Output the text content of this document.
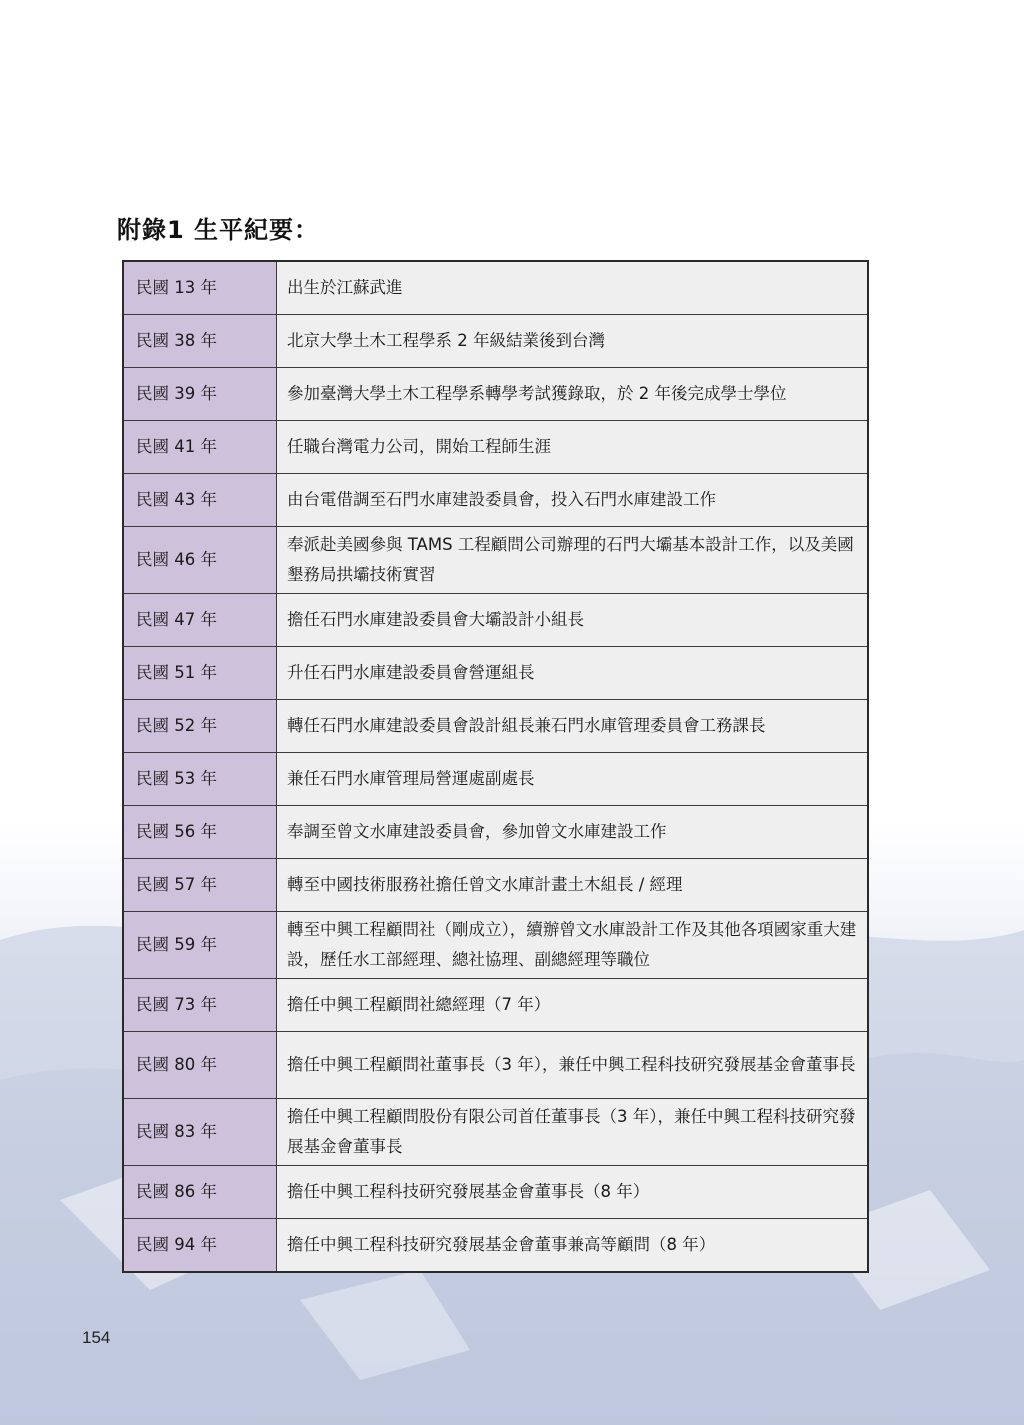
附錄1 生平紀要：
民國 13 年	出生於江蘇武進
民國 38 年	北京大學土木工程學系 2 年級結業後到台灣
民國 39 年	參加臺灣大學土木工程學系轉學考試獲錄取，於 2 年後完成學士學位
民國 41 年	任職台灣電力公司，開始工程師生涯
民國 43 年	由台電借調至石門水庫建設委員會，投入石門水庫建設工作
民國 46 年	奉派赴美國參與 TAMS 工程顧問公司辦理的石門大壩基本設計工作，以及美國墾務局拱壩技術實習
民國 47 年	擔任石門水庫建設委員會大壩設計小組長
民國 51 年	升任石門水庫建設委員會營運組長
民國 52 年	轉任石門水庫建設委員會設計組長兼石門水庫管理委員會工務課長
民國 53 年	兼任石門水庫管理局營運處副處長
民國 56 年	奉調至曾文水庫建設委員會，參加曾文水庫建設工作
民國 57 年	轉至中國技術服務社擔任曾文水庫計畫土木組長 / 經理
民國 59 年	轉至中興工程顧問社（剛成立），續辦曾文水庫設計工作及其他各項國家重大建設，歷任水工部經理、總社協理、副總經理等職位
民國 73 年	擔任中興工程顧問社總經理（7 年）
民國 80 年	擔任中興工程顧問社董事長（3 年），兼任中興工程科技研究發展基金會董事長
民國 83 年	擔任中興工程顧問股份有限公司首任董事長（3 年），兼任中興工程科技研究發展基金會董事長
民國 86 年	擔任中興工程科技研究發展基金會董事長（8 年）
民國 94 年	擔任中興工程科技研究發展基金會董事兼高等顧問（8 年）
154
